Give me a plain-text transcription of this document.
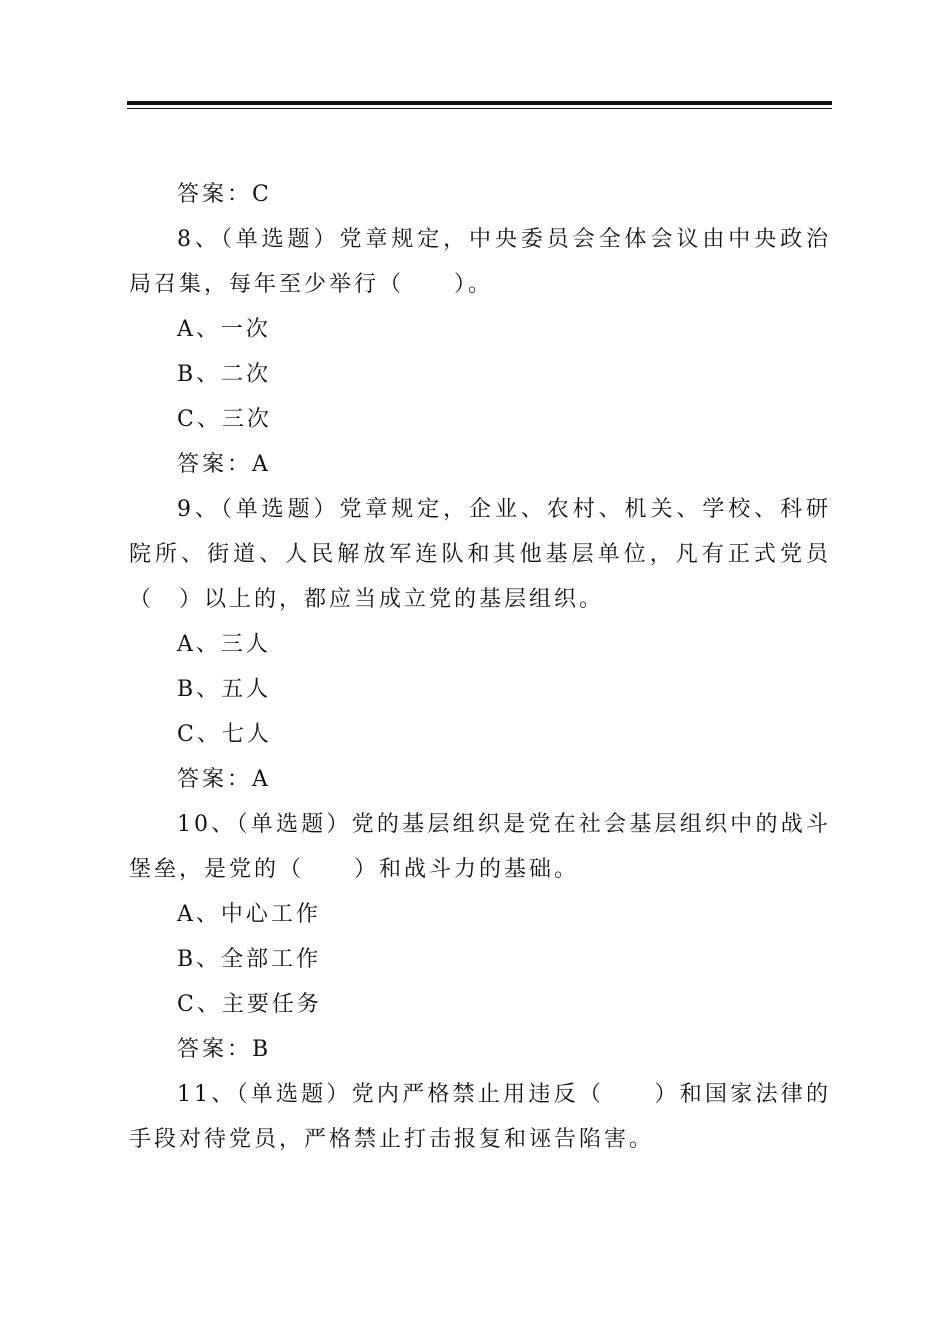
答案：C

8、（单选题）党章规定，中央委员会全体会议由中央政治局召集，每年至少举行（　　）。

A、一次

B、二次

C、三次

答案：A

9、（单选题）党章规定，企业、农村、机关、学校、科研院所、街道、人民解放军连队和其他基层单位，凡有正式党员（　）以上的，都应当成立党的基层组织。

A、三人

B、五人

C、七人

答案：A

10、（单选题）党的基层组织是党在社会基层组织中的战斗堡垒，是党的（　　）和战斗力的基础。

A、中心工作

B、全部工作

C、主要任务

答案：B

11、（单选题）党内严格禁止用违反（　　）和国家法律的手段对待党员，严格禁止打击报复和诬告陷害。
